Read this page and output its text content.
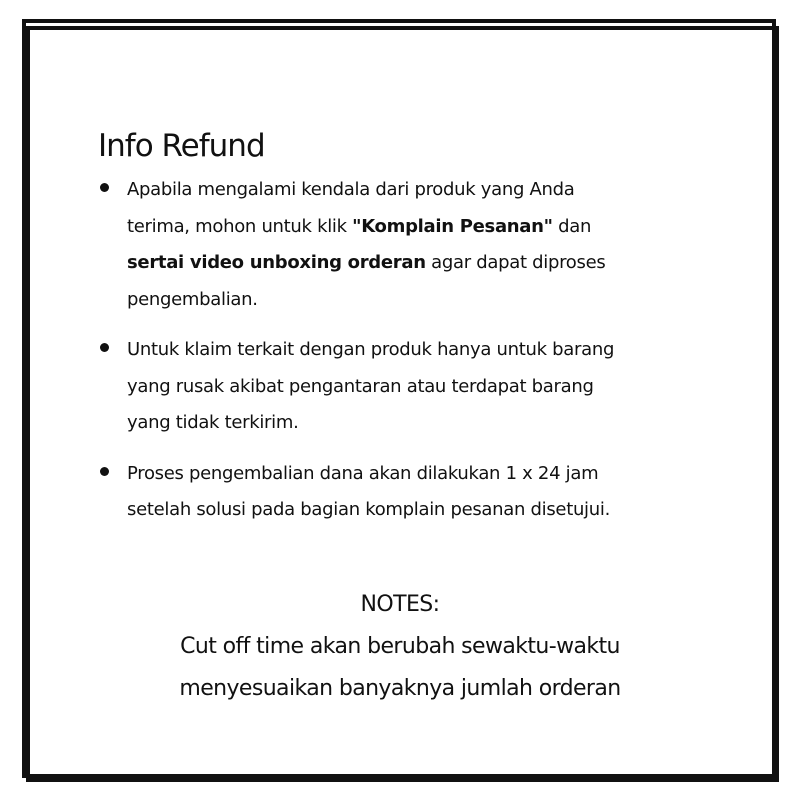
Info Refund
Apabila mengalami kendala dari produk yang Anda
terima, mohon untuk klik "Komplain Pesanan" dan
sertai video unboxing orderan agar dapat diproses
pengembalian.
Untuk klaim terkait dengan produk hanya untuk barang
yang rusak akibat pengantaran atau terdapat barang
yang tidak terkirim.
Proses pengembalian dana akan dilakukan 1 x 24 jam
setelah solusi pada bagian komplain pesanan disetujui.
NOTES:
Cut off time akan berubah sewaktu-waktu
menyesuaikan banyaknya jumlah orderan
